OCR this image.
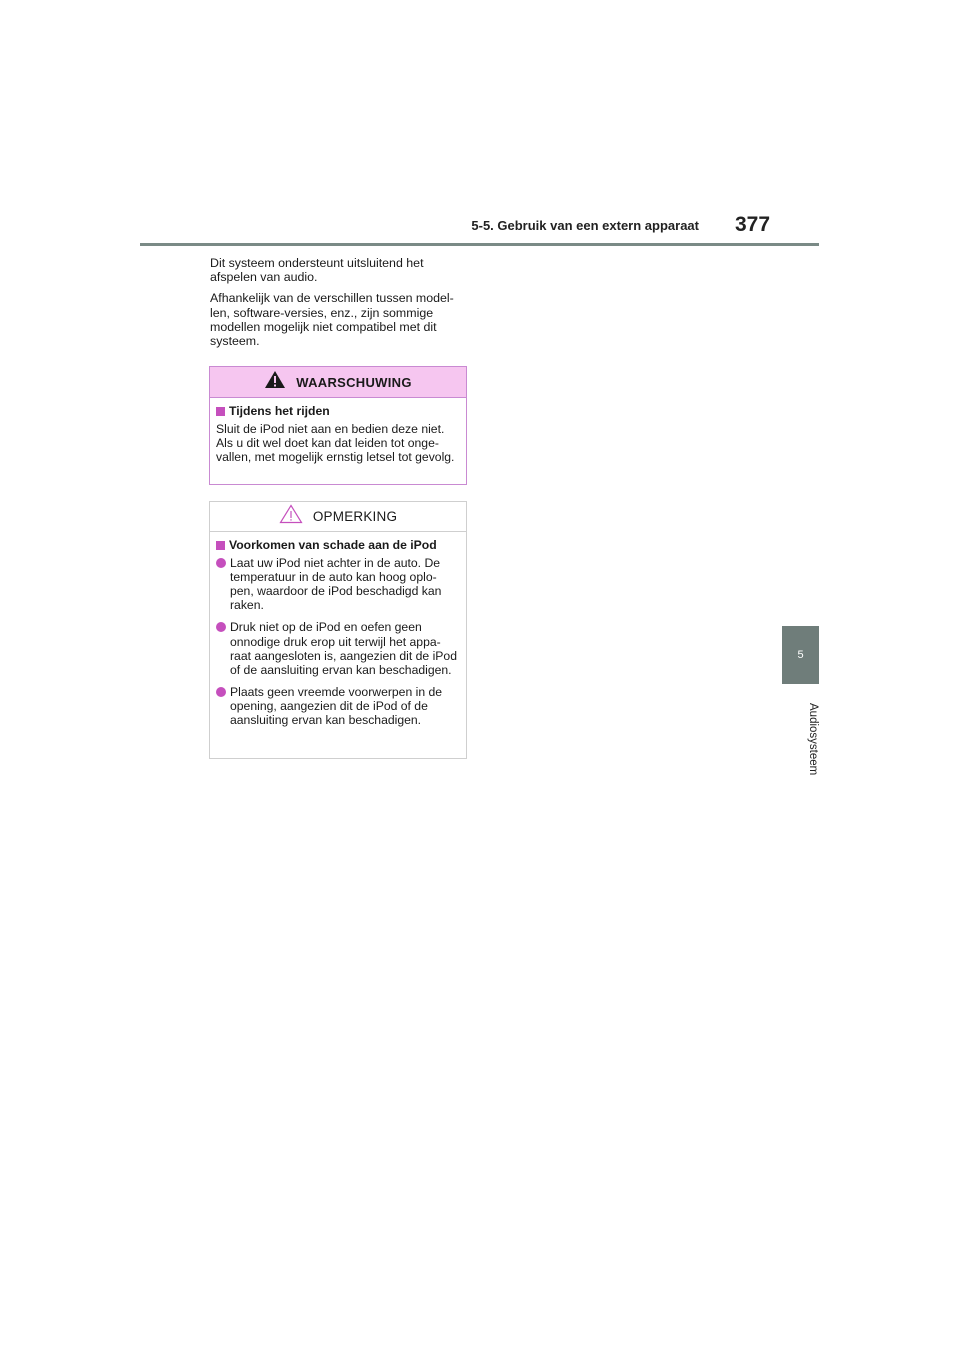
5-5. Gebruik van een extern apparaat 377
5
Audiosysteem

Dit systeem ondersteunt uitsluitend het afspelen van audio.

Afhankelijk van de verschillen tussen model-len, software-versies, enz., zijn sommige modellen mogelijk niet compatibel met dit systeem.

WAARSCHUWING
Tijdens het rijden

Sluit de iPod niet aan en bedien deze niet. Als u dit wel doet kan dat leiden tot onge-vallen, met mogelijk ernstig letsel tot gevolg.

OPMERKING
Voorkomen van schade aan de iPod

Laat uw iPod niet achter in de auto. De temperatuur in de auto kan hoog oplo-pen, waardoor de iPod beschadigd kan raken.

Druk niet op de iPod en oefen geen onnodige druk erop uit terwijl het appa-raat aangesloten is, aangezien dit de iPod of de aansluiting ervan kan beschadigen.

Plaats geen vreemde voorwerpen in de opening, aangezien dit de iPod of de aansluiting ervan kan beschadigen.
